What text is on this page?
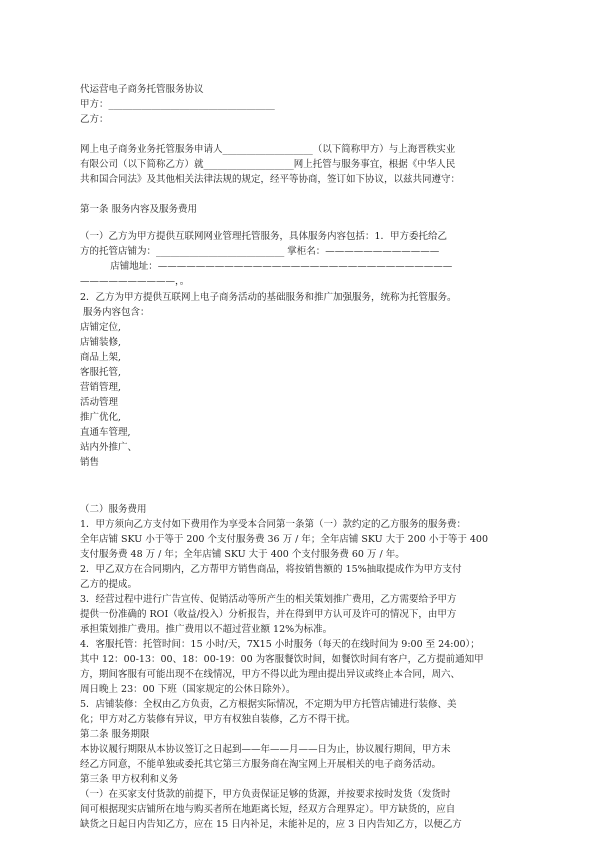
代运营电子商务托管服务协议

甲方：___________________________________

乙方：

网上电子商务业务托管服务申请人___________________（以下简称甲方）与上海晋秩实业

有限公司（以下简称乙方）就___________________网上托管与服务事宜，根据《中华人民

共和国合同法》及其他相关法律法规的规定，经平等协商，签订如下协议，以兹共同遵守：

第一条 服务内容及服务费用

（一）乙方为甲方提供互联网网业管理托管服务，具体服务内容包括：1．甲方委托给乙

方的托管店铺为：___________________________ 掌柜名：————————————

店铺地址：———————————————————————————————

——————————，。

2．乙方为甲方提供互联网上电子商务活动的基础服务和推广加强服务，统称为托管服务。

服务内容包含：

店铺定位,

店铺装修,

商品上架,

客服托管,

营销管理,

活动管理

推广优化,

直通车管理,

站内外推广、

销售

（二）服务费用

1．甲方须向乙方支付如下费用作为享受本合同第一条第（一）款约定的乙方服务的服务费：

全年店铺 SKU 小于等于 200 个支付服务费 36 万 / 年；全年店铺 SKU 大于 200 小于等于 400

支付服务费 48 万 / 年；全年店铺 SKU 大于 400 个支付服务费 60 万 / 年。

2．甲乙双方在合同期内，乙方帮甲方销售商品，将按销售额的 15%抽取提成作为甲方支付

乙方的提成。

3．经营过程中进行广告宣传、促销活动等所产生的相关策划推广费用，乙方需要给予甲方

提供一份准确的 ROI（收益/投入）分析报告，并在得到甲方认可及许可的情况下，由甲方

承担策划推广费用。推广费用以不超过营业额 12%为标准。

4．客服托管：托管时间：15 小时/天，7X15 小时服务（每天的在线时间为 9:00 至 24:00）；

其中 12：00-13：00、18：00-19：00 为客服餐饮时间，如餐饮时间有客户，乙方提前通知甲

方，期间客服有可能出现不在线情况，甲方不得以此为理由提出异议或终止本合同，周六、

周日晚上 23：00 下班（国家规定的公休日除外）。

5．店铺装修：全权由乙方负责，乙方根据实际情况，不定期为甲方托管店铺进行装修、美

化；甲方对乙方装修有异议，甲方有权独自装修，乙方不得干扰。

第二条 服务期限

本协议履行期限从本协议签订之日起到——年——月——日为止，协议履行期间，甲方未

经乙方同意，不能单独或委托其它第三方服务商在淘宝网上开展相关的电子商务活动。

第三条 甲方权利和义务

（一）在买家支付货款的前提下，甲方负责保证足够的货源，并按要求按时发货（发货时

间可根据现实店铺所在地与购买者所在地距离长短，经双方合理界定）。甲方缺货的，应自

缺货之日起日内告知乙方，应在 15 日内补足，未能补足的，应 3 日内告知乙方，以便乙方
